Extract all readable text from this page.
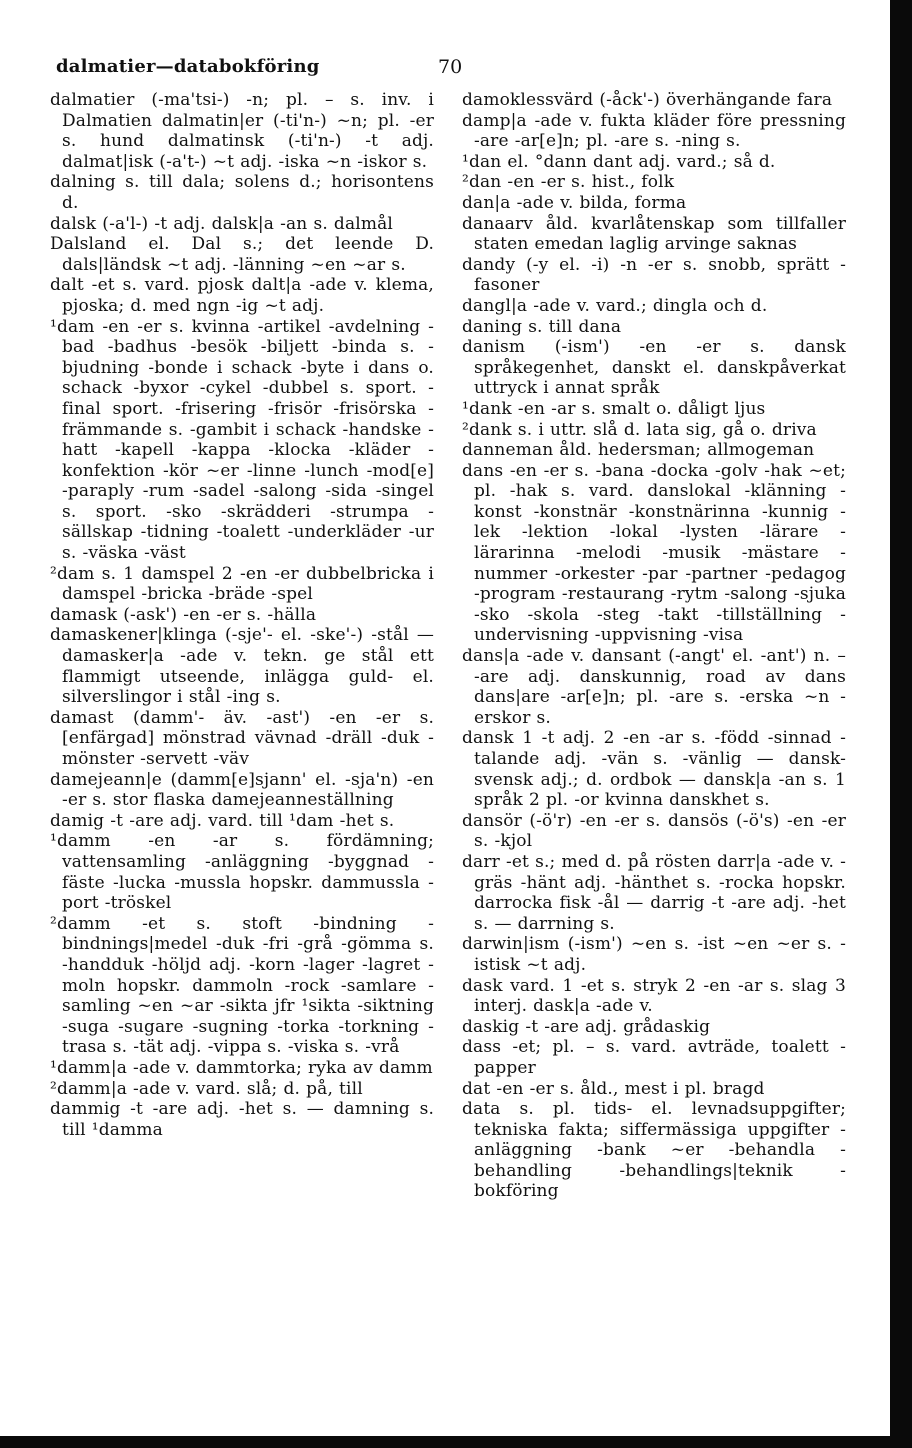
dalmatier—databokföring	70

dalmatier (-ma'tsi-) -n; pl. – s. inv. i Dalmatien dalmatin|er (-ti'n-) ~n; pl. -er s. hund dalmatinsk (-ti'n-) -t adj. dalmat|isk (-a't-) ~t adj. -iska ~n -iskor s.

dalning s. till dala; solens d.; horisontens d.

dalsk (-a'l-) -t adj. dalsk|a -an s. dalmål

Dalsland el. Dal s.; det leende D. dals|ländsk ~t adj. -länning ~en ~ar s.

dalt -et s. vard. pjosk dalt|a -ade v. klema, pjoska; d. med ngn -ig ~t adj.

¹dam -en -er s. kvinna -artikel -avdelning -bad -badhus -besök -biljett -binda s. -bjudning -bonde i schack -byte i dans o. schack -byxor -cykel -dubbel s. sport. -final sport. -frisering -frisör -frisörska -främmande s. -gambit i schack -handske -hatt -kapell -kappa -klocka -kläder -konfektion -kör ~er -linne -lunch -mod[e] -paraply -rum -sadel -salong -sida -singel s. sport. -sko -skrädderi -strumpa -sällskap -tidning -toalett -underkläder -ur s. -väska -väst

²dam s. 1 damspel 2 -en -er dubbelbricka i damspel -bricka -bräde -spel

damask (-ask') -en -er s. -hälla

damaskener|klinga (-sje'- el. -ske'-) -stål — damasker|a -ade v. tekn. ge stål ett flammigt utseende, inlägga guld- el. silverslingor i stål -ing s.

damast (damm'- äv. -ast') -en -er s. [enfärgad] mönstrad vävnad -dräll -duk -mönster -servett -väv

damejeann|e (damm[e]sjann' el. -sja'n) -en -er s. stor flaska damejeanneställning

damig -t -are adj. vard. till ¹dam -het s.

¹damm -en -ar s. fördämning; vattensamling -anläggning -byggnad -fäste -lucka -mussla hopskr. dammussla -port -tröskel

²damm -et s. stoft -bindning -bindnings|medel -duk -fri -grå -gömma s. -handduk -höljd adj. -korn -lager -lagret -moln hopskr. dammoln -rock -samlare -samling ~en ~ar -sikta jfr ¹sikta -siktning -suga -sugare -sugning -torka -torkning -trasa s. -tät adj. -vippa s. -viska s. -vrå

¹damm|a -ade v. dammtorka; ryka av damm

²damm|a -ade v. vard. slå; d. på, till

dammig -t -are adj. -het s. — damning s. till ¹damma

damoklessvärd (-åck'-) överhängande fara

damp|a -ade v. fukta kläder före pressning -are -ar[e]n; pl. -are s. -ning s.

¹dan el. °dann dant adj. vard.; så d.

²dan -en -er s. hist., folk

dan|a -ade v. bilda, forma

danaarv åld. kvarlåtenskap som tillfaller staten emedan laglig arvinge saknas

dandy (-y el. -i) -n -er s. snobb, sprätt -fasoner

dangl|a -ade v. vard.; dingla och d.

daning s. till dana

danism (-ism') -en -er s. dansk språkegenhet, danskt el. danskpåverkat uttryck i annat språk

¹dank -en -ar s. smalt o. dåligt ljus

²dank s. i uttr. slå d. lata sig, gå o. driva

danneman åld. hedersman; allmogeman

dans -en -er s. -bana -docka -golv -hak ~et; pl. -hak s. vard. danslokal -klänning -konst -konstnär -konstnärinna -kunnig -lek -lektion -lokal -lysten -lärare -lärarinna -melodi -musik -mästare -nummer -orkester -par -partner -pedagog -program -restaurang -rytm -salong -sjuka -sko -skola -steg -takt -tillställning -undervisning -uppvisning -visa

dans|a -ade v. dansant (-angt' el. -ant') n. – -are adj. danskunnig, road av dans dans|are -ar[e]n; pl. -are s. -erska ~n -erskor s.

dansk 1 -t adj. 2 -en -ar s. -född -sinnad -talande adj. -vän s. -vänlig — dansk-svensk adj.; d. ordbok — dansk|a -an s. 1 språk 2 pl. -or kvinna danskhet s.

dansör (-ö'r) -en -er s. dansös (-ö's) -en -er s. -kjol

darr -et s.; med d. på rösten darr|a -ade v. -gräs -hänt adj. -hänthet s. -rocka hopskr. darrocka fisk -ål — darrig -t -are adj. -het s. — darrning s.

darwin|ism (-ism') ~en s. -ist ~en ~er s. -istisk ~t adj.

dask vard. 1 -et s. stryk 2 -en -ar s. slag 3 interj. dask|a -ade v.

daskig -t -are adj. grådaskig

dass -et; pl. – s. vard. avträde, toalett -papper

dat -en -er s. åld., mest i pl. bragd

data s. pl. tids- el. levnadsuppgifter; tekniska fakta; siffermässiga uppgifter -anläggning -bank ~er -behandla -behandling -behandlings|teknik -bokföring
